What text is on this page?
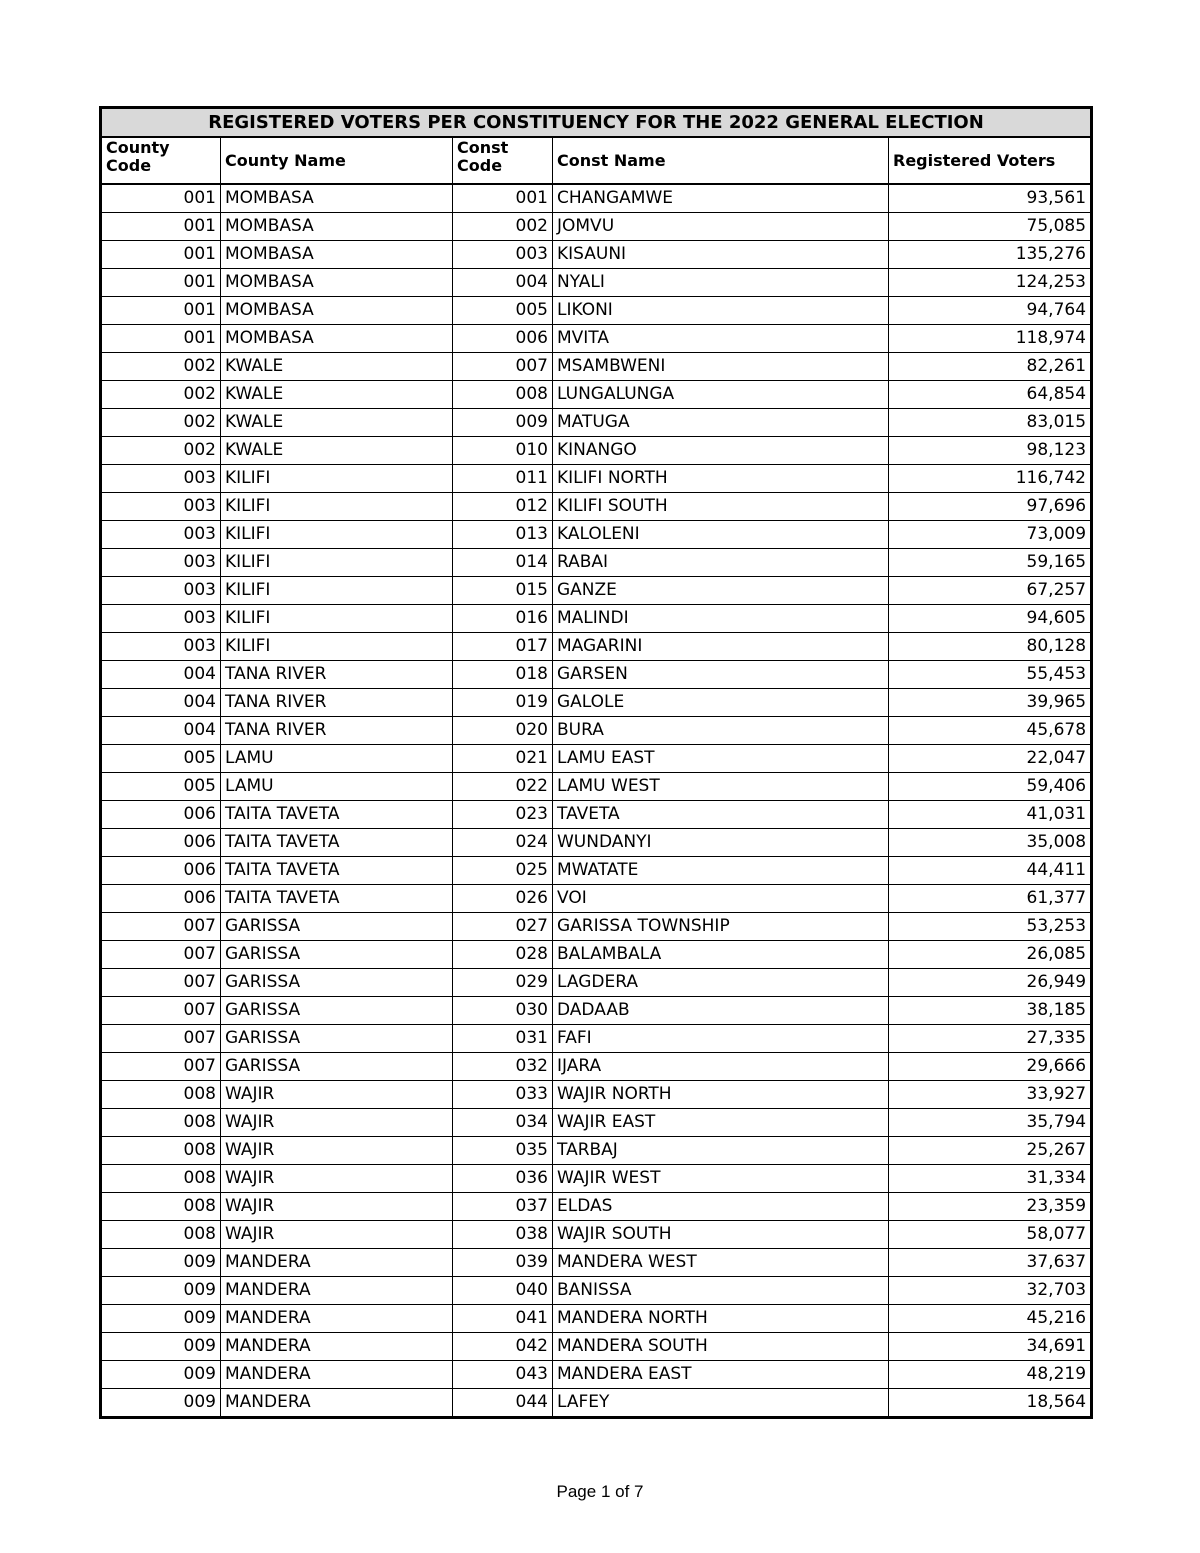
REGISTERED VOTERS PER CONSTITUENCY FOR THE 2022 GENERAL ELECTION				
County Code	County Name	Const Code	Const Name	Registered Voters
001	MOMBASA	001	CHANGAMWE	93,561
001	MOMBASA	002	JOMVU	75,085
001	MOMBASA	003	KISAUNI	135,276
001	MOMBASA	004	NYALI	124,253
001	MOMBASA	005	LIKONI	94,764
001	MOMBASA	006	MVITA	118,974
002	KWALE	007	MSAMBWENI	82,261
002	KWALE	008	LUNGALUNGA	64,854
002	KWALE	009	MATUGA	83,015
002	KWALE	010	KINANGO	98,123
003	KILIFI	011	KILIFI NORTH	116,742
003	KILIFI	012	KILIFI SOUTH	97,696
003	KILIFI	013	KALOLENI	73,009
003	KILIFI	014	RABAI	59,165
003	KILIFI	015	GANZE	67,257
003	KILIFI	016	MALINDI	94,605
003	KILIFI	017	MAGARINI	80,128
004	TANA RIVER	018	GARSEN	55,453
004	TANA RIVER	019	GALOLE	39,965
004	TANA RIVER	020	BURA	45,678
005	LAMU	021	LAMU EAST	22,047
005	LAMU	022	LAMU WEST	59,406
006	TAITA TAVETA	023	TAVETA	41,031
006	TAITA TAVETA	024	WUNDANYI	35,008
006	TAITA TAVETA	025	MWATATE	44,411
006	TAITA TAVETA	026	VOI	61,377
007	GARISSA	027	GARISSA TOWNSHIP	53,253
007	GARISSA	028	BALAMBALA	26,085
007	GARISSA	029	LAGDERA	26,949
007	GARISSA	030	DADAAB	38,185
007	GARISSA	031	FAFI	27,335
007	GARISSA	032	IJARA	29,666
008	WAJIR	033	WAJIR NORTH	33,927
008	WAJIR	034	WAJIR EAST	35,794
008	WAJIR	035	TARBAJ	25,267
008	WAJIR	036	WAJIR WEST	31,334
008	WAJIR	037	ELDAS	23,359
008	WAJIR	038	WAJIR SOUTH	58,077
009	MANDERA	039	MANDERA WEST	37,637
009	MANDERA	040	BANISSA	32,703
009	MANDERA	041	MANDERA NORTH	45,216
009	MANDERA	042	MANDERA SOUTH	34,691
009	MANDERA	043	MANDERA EAST	48,219
009	MANDERA	044	LAFEY	18,564
Page 1 of 7
